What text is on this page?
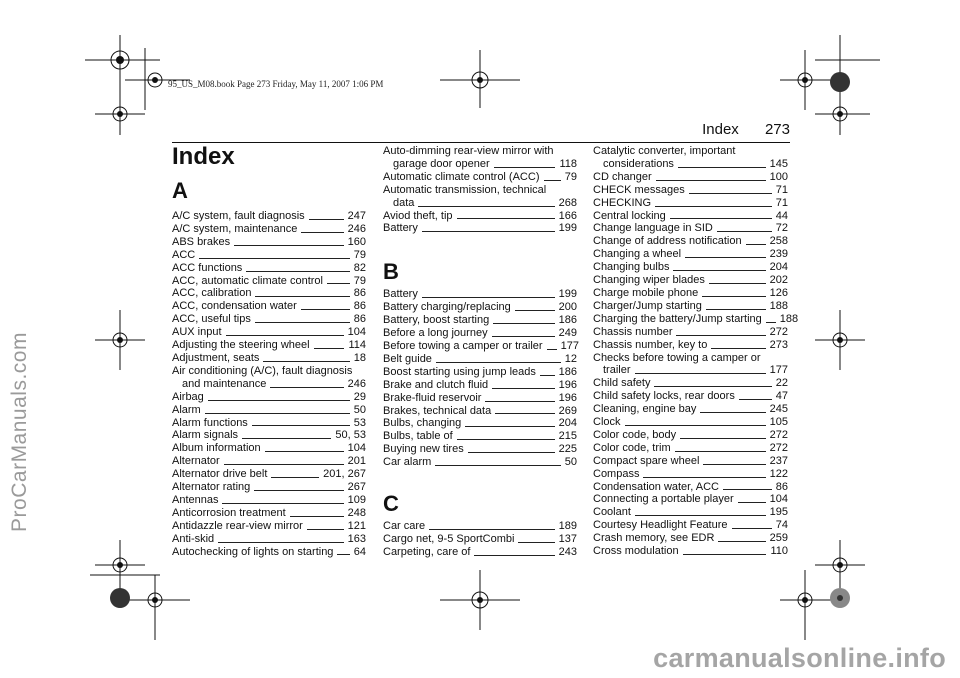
ProCarManuals.com
carmanualsonline.info
95_US_M08.book Page 273 Friday, May 11, 2007 1:06 PM
Index 273
Index
A
A/C system, fault diagnosis	247
A/C system, maintenance	246
ABS brakes	160
ACC	79
ACC functions	82
ACC, automatic climate control	79
ACC, calibration	86
ACC, condensation water	86
ACC, useful tips	86
AUX input	104
Adjusting the steering wheel	114
Adjustment, seats	18
Air conditioning (A/C), fault diagnosis
and maintenance	246
Airbag	29
Alarm	50
Alarm functions	53
Alarm signals	50, 53
Album information	104
Alternator	201
Alternator drive belt	201, 267
Alternator rating	267
Antennas	109
Anticorrosion treatment	248
Antidazzle rear-view mirror	121
Anti-skid	163
Autochecking of lights on starting 64
Auto-dimming rear-view mirror with
garage door opener	118
Automatic climate control (ACC) 79
Automatic transmission, technical
data	268
Aviod theft, tip	166
Battery	199
B
Battery	199
Battery charging/replacing	200
Battery, boost starting	186
Before a long journey	249
Before towing a camper or trailer 177
Belt guide	12
Boost starting using jump leads 186
Brake and clutch fluid	196
Brake-fluid reservoir	196
Brakes, technical data	269
Bulbs, changing	204
Bulbs, table of	215
Buying new tires	225
Car alarm	50
C
Car care	189
Cargo net, 9-5 SportCombi	137
Carpeting, care of	243
Catalytic converter, important
considerations	145
CD changer	100
CHECK messages	71
CHECKING	71
Central locking	44
Change language in SID	72
Change of address notification	258
Changing a wheel	239
Changing bulbs	204
Changing wiper blades	202
Charge mobile phone	126
Charger/Jump starting	188
Charging the battery/Jump starting 188
Chassis number	272
Chassis number, key to	273
Checks before towing a camper or
trailer	177
Child safety	22
Child safety locks, rear doors	47
Cleaning, engine bay	245
Clock	105
Color code, body	272
Color code, trim	272
Compact spare wheel	237
Compass	122
Condensation water, ACC	86
Connecting a portable player	104
Coolant	195
Courtesy Headlight Feature	74
Crash memory, see EDR	259
Cross modulation	110
